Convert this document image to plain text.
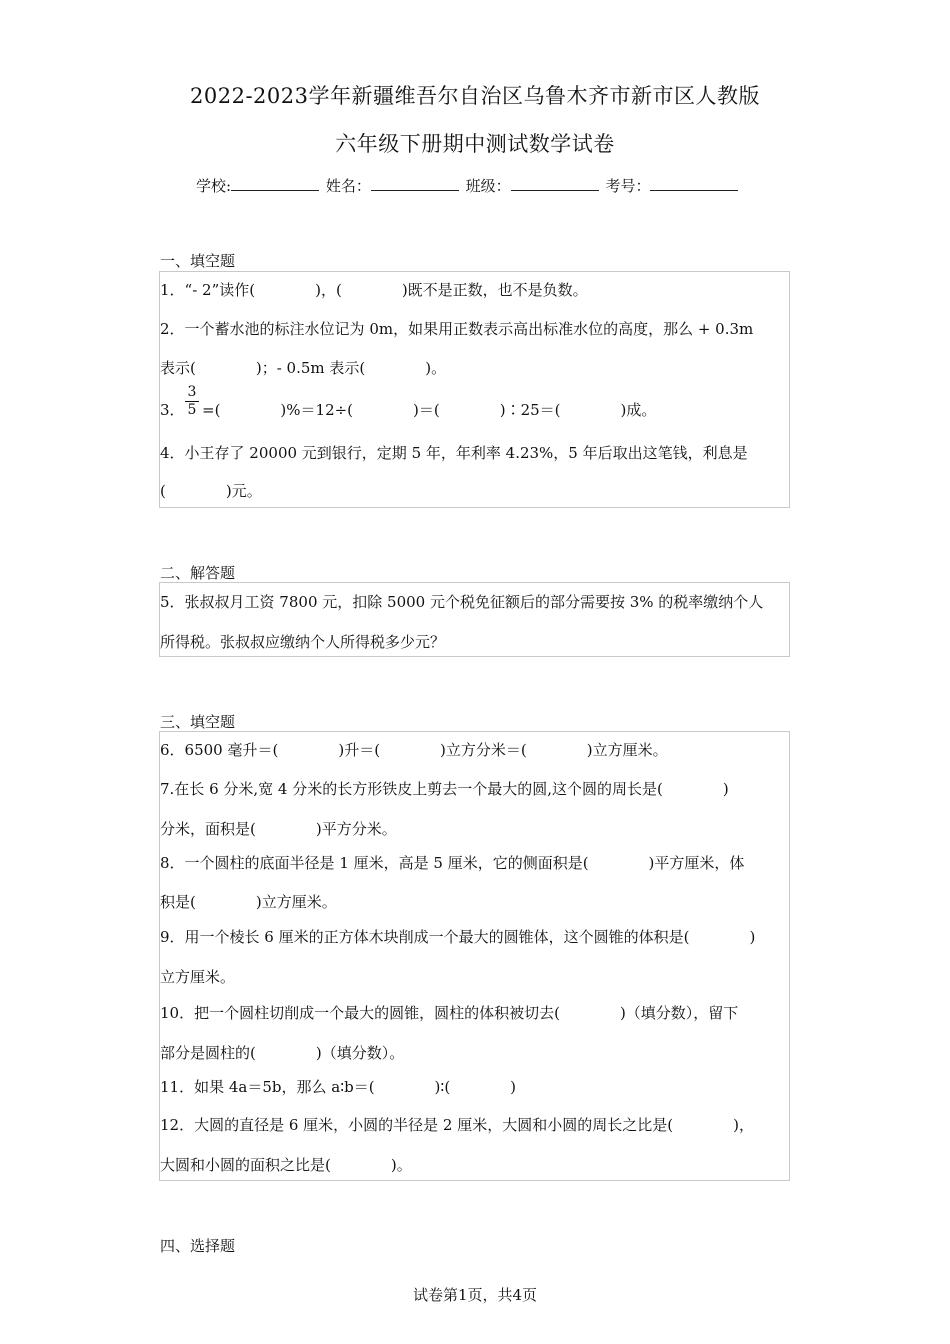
2022-2023学年新疆维吾尔自治区乌鲁木齐市新市区人教版
六年级下册期中测试数学试卷
学校:	姓名：	班级：	考号：
一、填空题
1．“- 2”读作(　　　　)，(　　　　)既不是正数，也不是负数。
2．一个蓄水池的标注水位记为 0m，如果用正数表示高出标准水位的高度，那么 + 0.3m
表示(　　　　)；- 0.5m 表示(　　　　)。
3．
3
5 =(　　　　)%＝12÷(　　　　)＝(　　　　)∶25＝(　　　　)成。
4．小王存了 20000 元到银行，定期 5 年，年利率 4.23%，5 年后取出这笔钱，利息是
(　　　　)元。
二、解答题
5．张叔叔月工资 7800 元，扣除 5000 元个税免征额后的部分需要按 3% 的税率缴纳个人
所得税。张叔叔应缴纳个人所得税多少元？
三、填空题
6．6500 毫升＝(　　　　)升＝(　　　　)立方分米＝(　　　　)立方厘米。
7.在长 6 分米,宽 4 分米的长方形铁皮上剪去一个最大的圆,这个圆的周长是(　　　　)
分米，面积是(　　　　)平方分米。
8．一个圆柱的底面半径是 1 厘米，高是 5 厘米，它的侧面积是(　　　　)平方厘米，体
积是(　　　　)立方厘米。
9．用一个棱长 6 厘米的正方体木块削成一个最大的圆锥体，这个圆锥的体积是(　　　　)
立方厘米。
10．把一个圆柱切削成一个最大的圆锥，圆柱的体积被切去(　　　　)（填分数），留下
部分是圆柱的(　　　　)（填分数）。
11．如果 4a＝5b，那么 a∶b＝(　　　　)∶(　　　　)
12．大圆的直径是 6 厘米，小圆的半径是 2 厘米，大圆和小圆的周长之比是(　　　　)，
大圆和小圆的面积之比是(　　　　)。
四、选择题
试卷第1页，共4页
